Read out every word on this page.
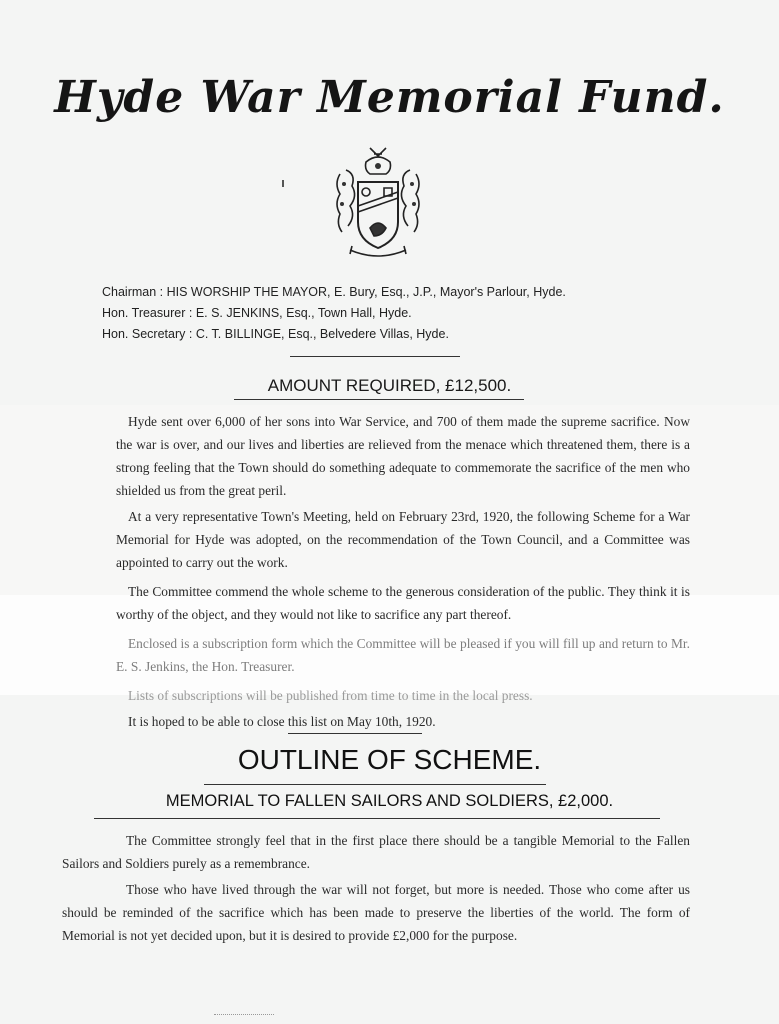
Hyde War Memorial Fund.
Chairman : HIS WORSHIP THE MAYOR, E. Bury, Esq., J.P., Mayor's Parlour, Hyde.
Hon. Treasurer : E. S. JENKINS, Esq., Town Hall, Hyde.
Hon. Secretary : C. T. BILLINGE, Esq., Belvedere Villas, Hyde.
AMOUNT REQUIRED, £12,500.

Hyde sent over 6,000 of her sons into War Service, and 700 of them made the supreme sacrifice. Now the war is over, and our lives and liberties are relieved from the menace which threatened them, there is a strong feeling that the Town should do something adequate to commemorate the sacrifice of the men who shielded us from the great peril.

At a very representative Town's Meeting, held on February 23rd, 1920, the following Scheme for a War Memorial for Hyde was adopted, on the recommendation of the Town Council, and a Committee was appointed to carry out the work.

The Committee commend the whole scheme to the generous consideration of the public. They think it is worthy of the object, and they would not like to sacrifice any part thereof.

Enclosed is a subscription form which the Committee will be pleased if you will fill up and return to Mr. E. S. Jenkins, the Hon. Treasurer.

Lists of subscriptions will be published from time to time in the local press.

It is hoped to be able to close this list on May 10th, 1920.

OUTLINE OF SCHEME.
MEMORIAL TO FALLEN SAILORS AND SOLDIERS, £2,000.

The Committee strongly feel that in the first place there should be a tangible Memorial to the Fallen Sailors and Soldiers purely as a remembrance.

Those who have lived through the war will not forget, but more is needed. Those who come after us should be reminded of the sacrifice which has been made to preserve the liberties of the world. The form of Memorial is not yet decided upon, but it is desired to provide £2,000 for the purpose.
